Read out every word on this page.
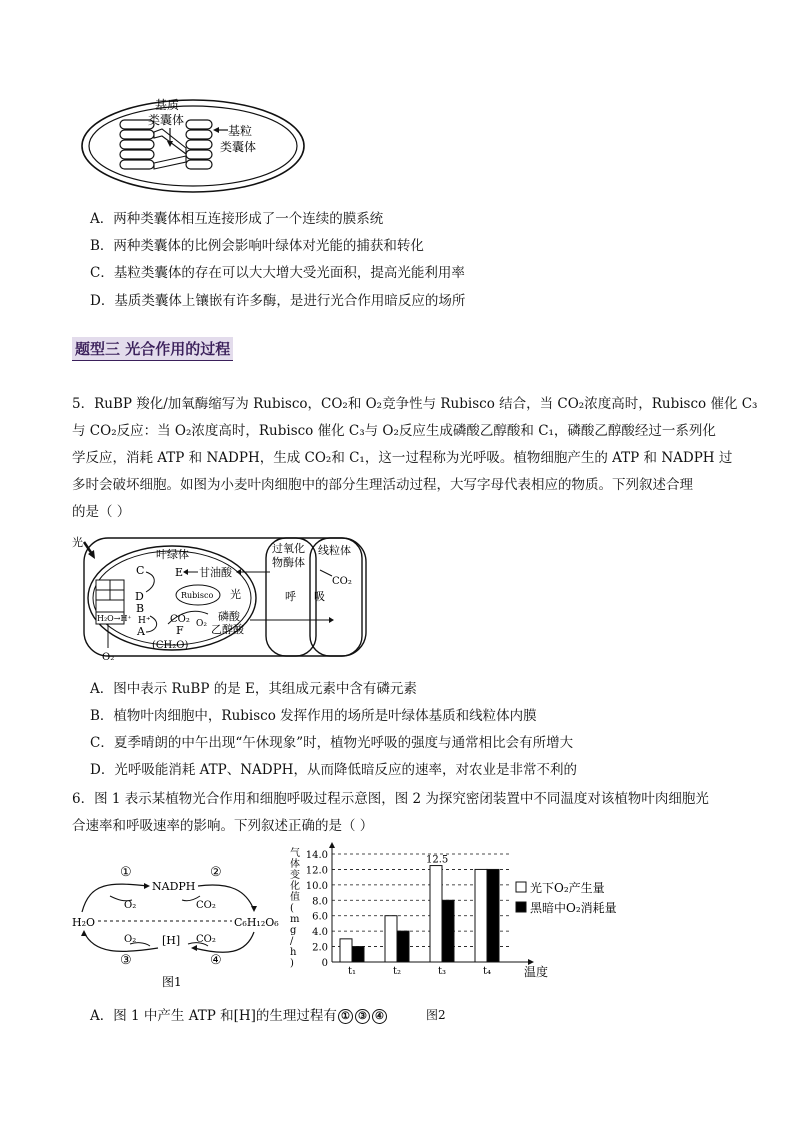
基质
类囊体
基粒
类囊体
A．两种类囊体相互连接形成了一个连续的膜系统
B．两种类囊体的比例会影响叶绿体对光能的捕获和转化
C．基粒类囊体的存在可以大大增大受光面积，提高光能利用率
D．基质类囊体上镶嵌有许多酶，是进行光合作用暗反应的场所
题型三 光合作用的过程
5．RuBP 羧化/加氧酶缩写为 Rubisco，CO₂和 O₂竞争性与 Rubisco 结合，当 CO₂浓度高时，Rubisco 催化 C₃
与 CO₂反应：当 O₂浓度高时，Rubisco 催化 C₃与 O₂反应生成磷酸乙醇酸和 C₁，磷酸乙醇酸经过一系列化
学反应，消耗 ATP 和 NADPH，生成 CO₂和 C₁，这一过程称为光呼吸。植物细胞产生的 ATP 和 NADPH 过
多时会破坏细胞。如图为小麦叶肉细胞中的部分生理活动过程，大写字母代表相应的物质。下列叙述合理
的是（ ）
光
叶绿体
H₂O→H⁺
C
D
B
H⁺
A
E 甘油酸
Rubisco 光
CO₂
F O₂
磷酸
乙醇酸
(CH₂O)
O₂
过氧化
物酶体
呼
线粒体
吸
CO₂
A．图中表示 RuBP 的是 E，其组成元素中含有磷元素
B．植物叶肉细胞中，Rubisco 发挥作用的场所是叶绿体基质和线粒体内膜
C．夏季晴朗的中午出现“午休现象”时，植物光呼吸的强度与通常相比会有所增大
D．光呼吸能消耗 ATP、NADPH，从而降低暗反应的速率，对农业是非常不利的
6．图 1 表示某植物光合作用和细胞呼吸过程示意图，图 2 为探究密闭装置中不同温度对该植物叶肉细胞光
合速率和呼吸速率的影响。下列叙述正确的是（ ）
①	②
NADPH
O₂	CO₂
H₂O	C₆H₁₂O₆
O₂ [H] CO₂
③	④
图1
气
体
变
化
值
(
m
g
/
h
)	0
2.0
4.0
6.0
8.0
10.0
12.0
14.0
温度
t₁	t₂	t₃	t₄
12.5
光下O₂产生量
黑暗中O₂消耗量
图2
A．图 1 中产生 ATP 和[H]的生理过程有 ① ③ ④
